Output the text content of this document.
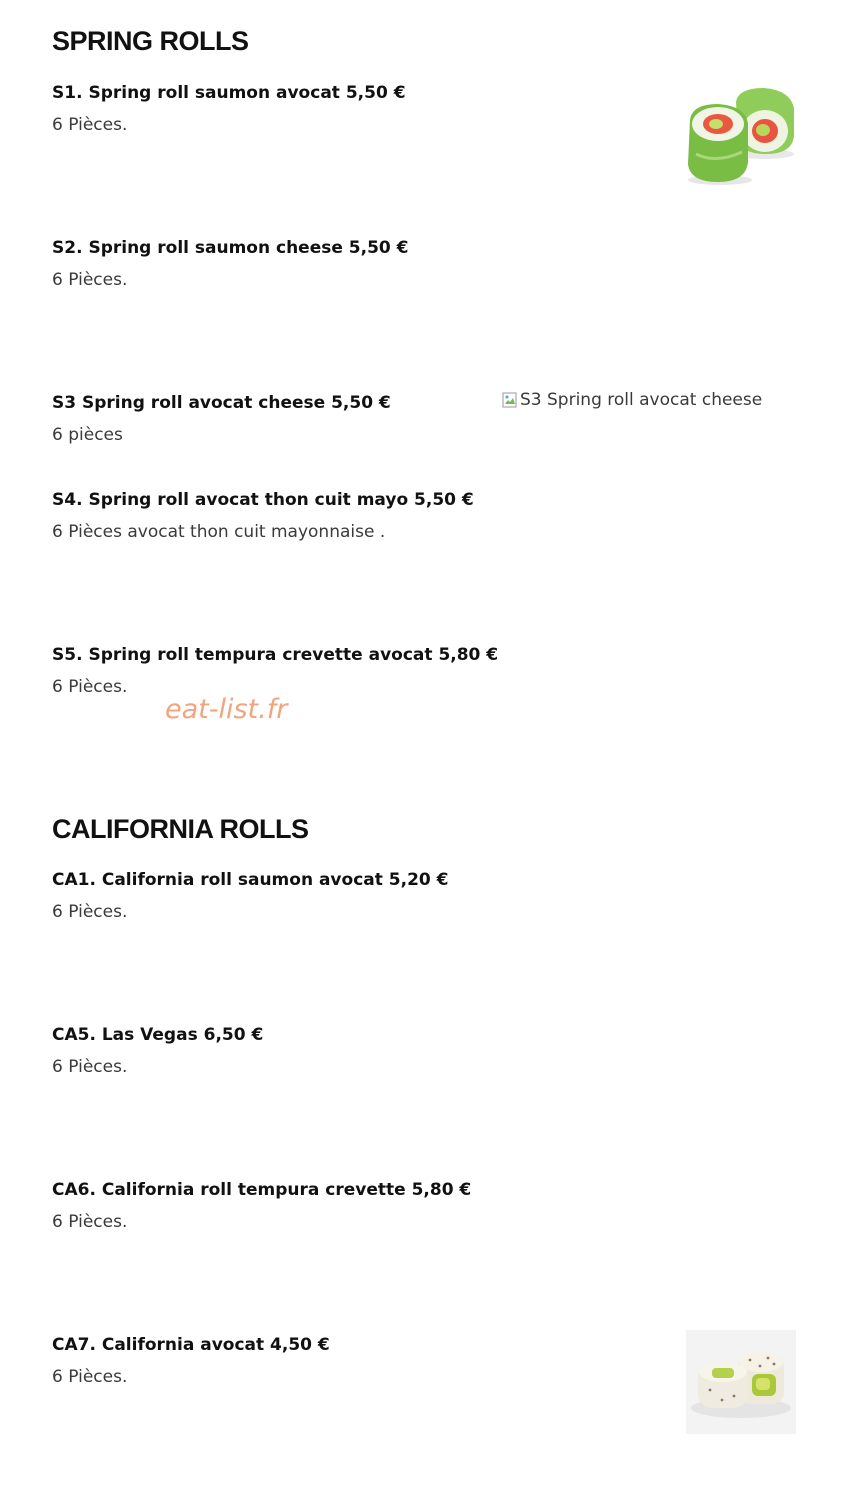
SPRING ROLLS
S1. Spring roll saumon avocat 5,50 €
6 Pièces.
S2. Spring roll saumon cheese 5,50 €
6 Pièces.
S3 Spring roll avocat cheese 5,50 €
6 pièces
S3 Spring roll avocat cheese
S4. Spring roll avocat thon cuit mayo 5,50 €
6 Pièces avocat thon cuit mayonnaise .
S5. Spring roll tempura crevette avocat 5,80 €
6 Pièces.
eat-list.fr
CALIFORNIA ROLLS
CA1. California roll saumon avocat 5,20 €
6 Pièces.
CA5. Las Vegas 6,50 €
6 Pièces.
CA6. California roll tempura crevette 5,80 €
6 Pièces.
CA7. California avocat 4,50 €
6 Pièces.
